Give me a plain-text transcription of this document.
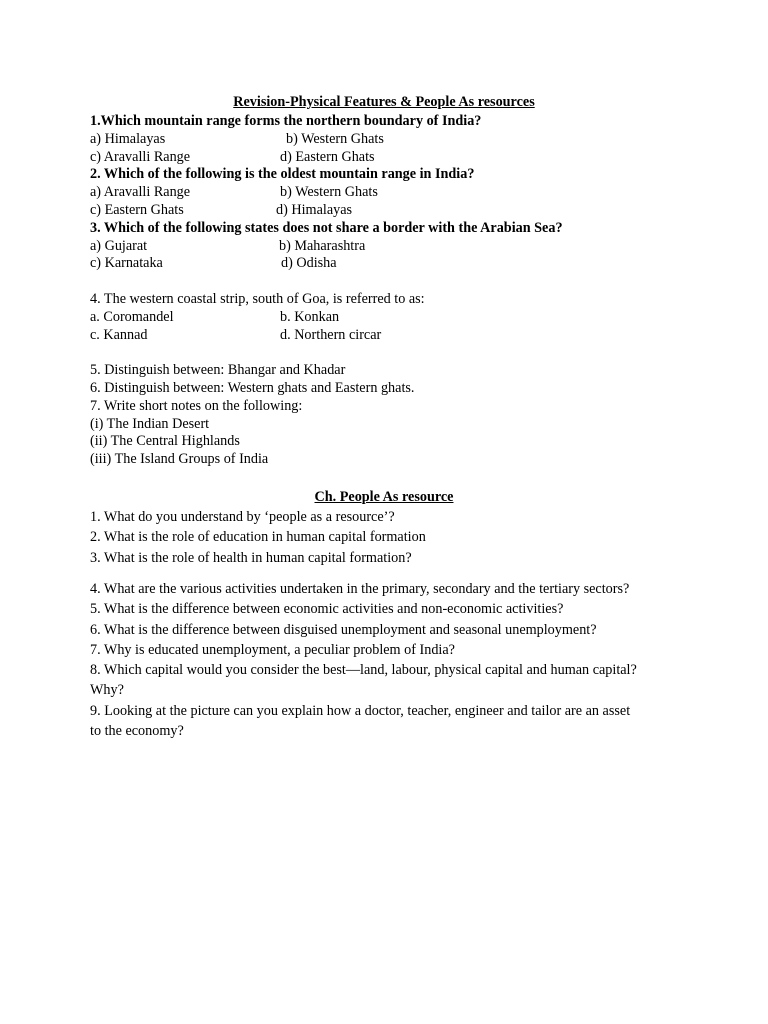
Revision-Physical Features & People As resources
1.Which mountain range forms the northern boundary of India?
a) Himalayas	b) Western Ghats
c) Aravalli Range	d) Eastern Ghats
2. Which of the following is the oldest mountain range in India?
a) Aravalli Range	b) Western Ghats
c) Eastern Ghats	d) Himalayas
3. Which of the following states does not share a border with the Arabian Sea?
a) Gujarat	b) Maharashtra
c) Karnataka	d) Odisha
4. The western coastal strip, south of Goa, is referred to as:
a. Coromandel	b. Konkan
c. Kannad	d. Northern circar
5. Distinguish between: Bhangar and Khadar
6. Distinguish between: Western ghats and Eastern ghats.
7. Write short notes on the following:
(i) The Indian Desert
(ii) The Central Highlands
(iii) The Island Groups of India
Ch. People As resource
1. What do you understand by ‘people as a resource’?
2. What is the role of education in human capital formation
3. What is the role of health in human capital formation?
4. What are the various activities undertaken in the primary, secondary and the tertiary sectors?
5. What is the difference between economic activities and non-economic activities?
6. What is the difference between disguised unemployment and seasonal unemployment?
7. Why is educated unemployment, a peculiar problem of India?
8. Which capital would you consider the best—land, labour, physical capital and human capital?
Why?
9. Looking at the picture can you explain how a doctor, teacher, engineer and tailor are an asset
to the economy?
